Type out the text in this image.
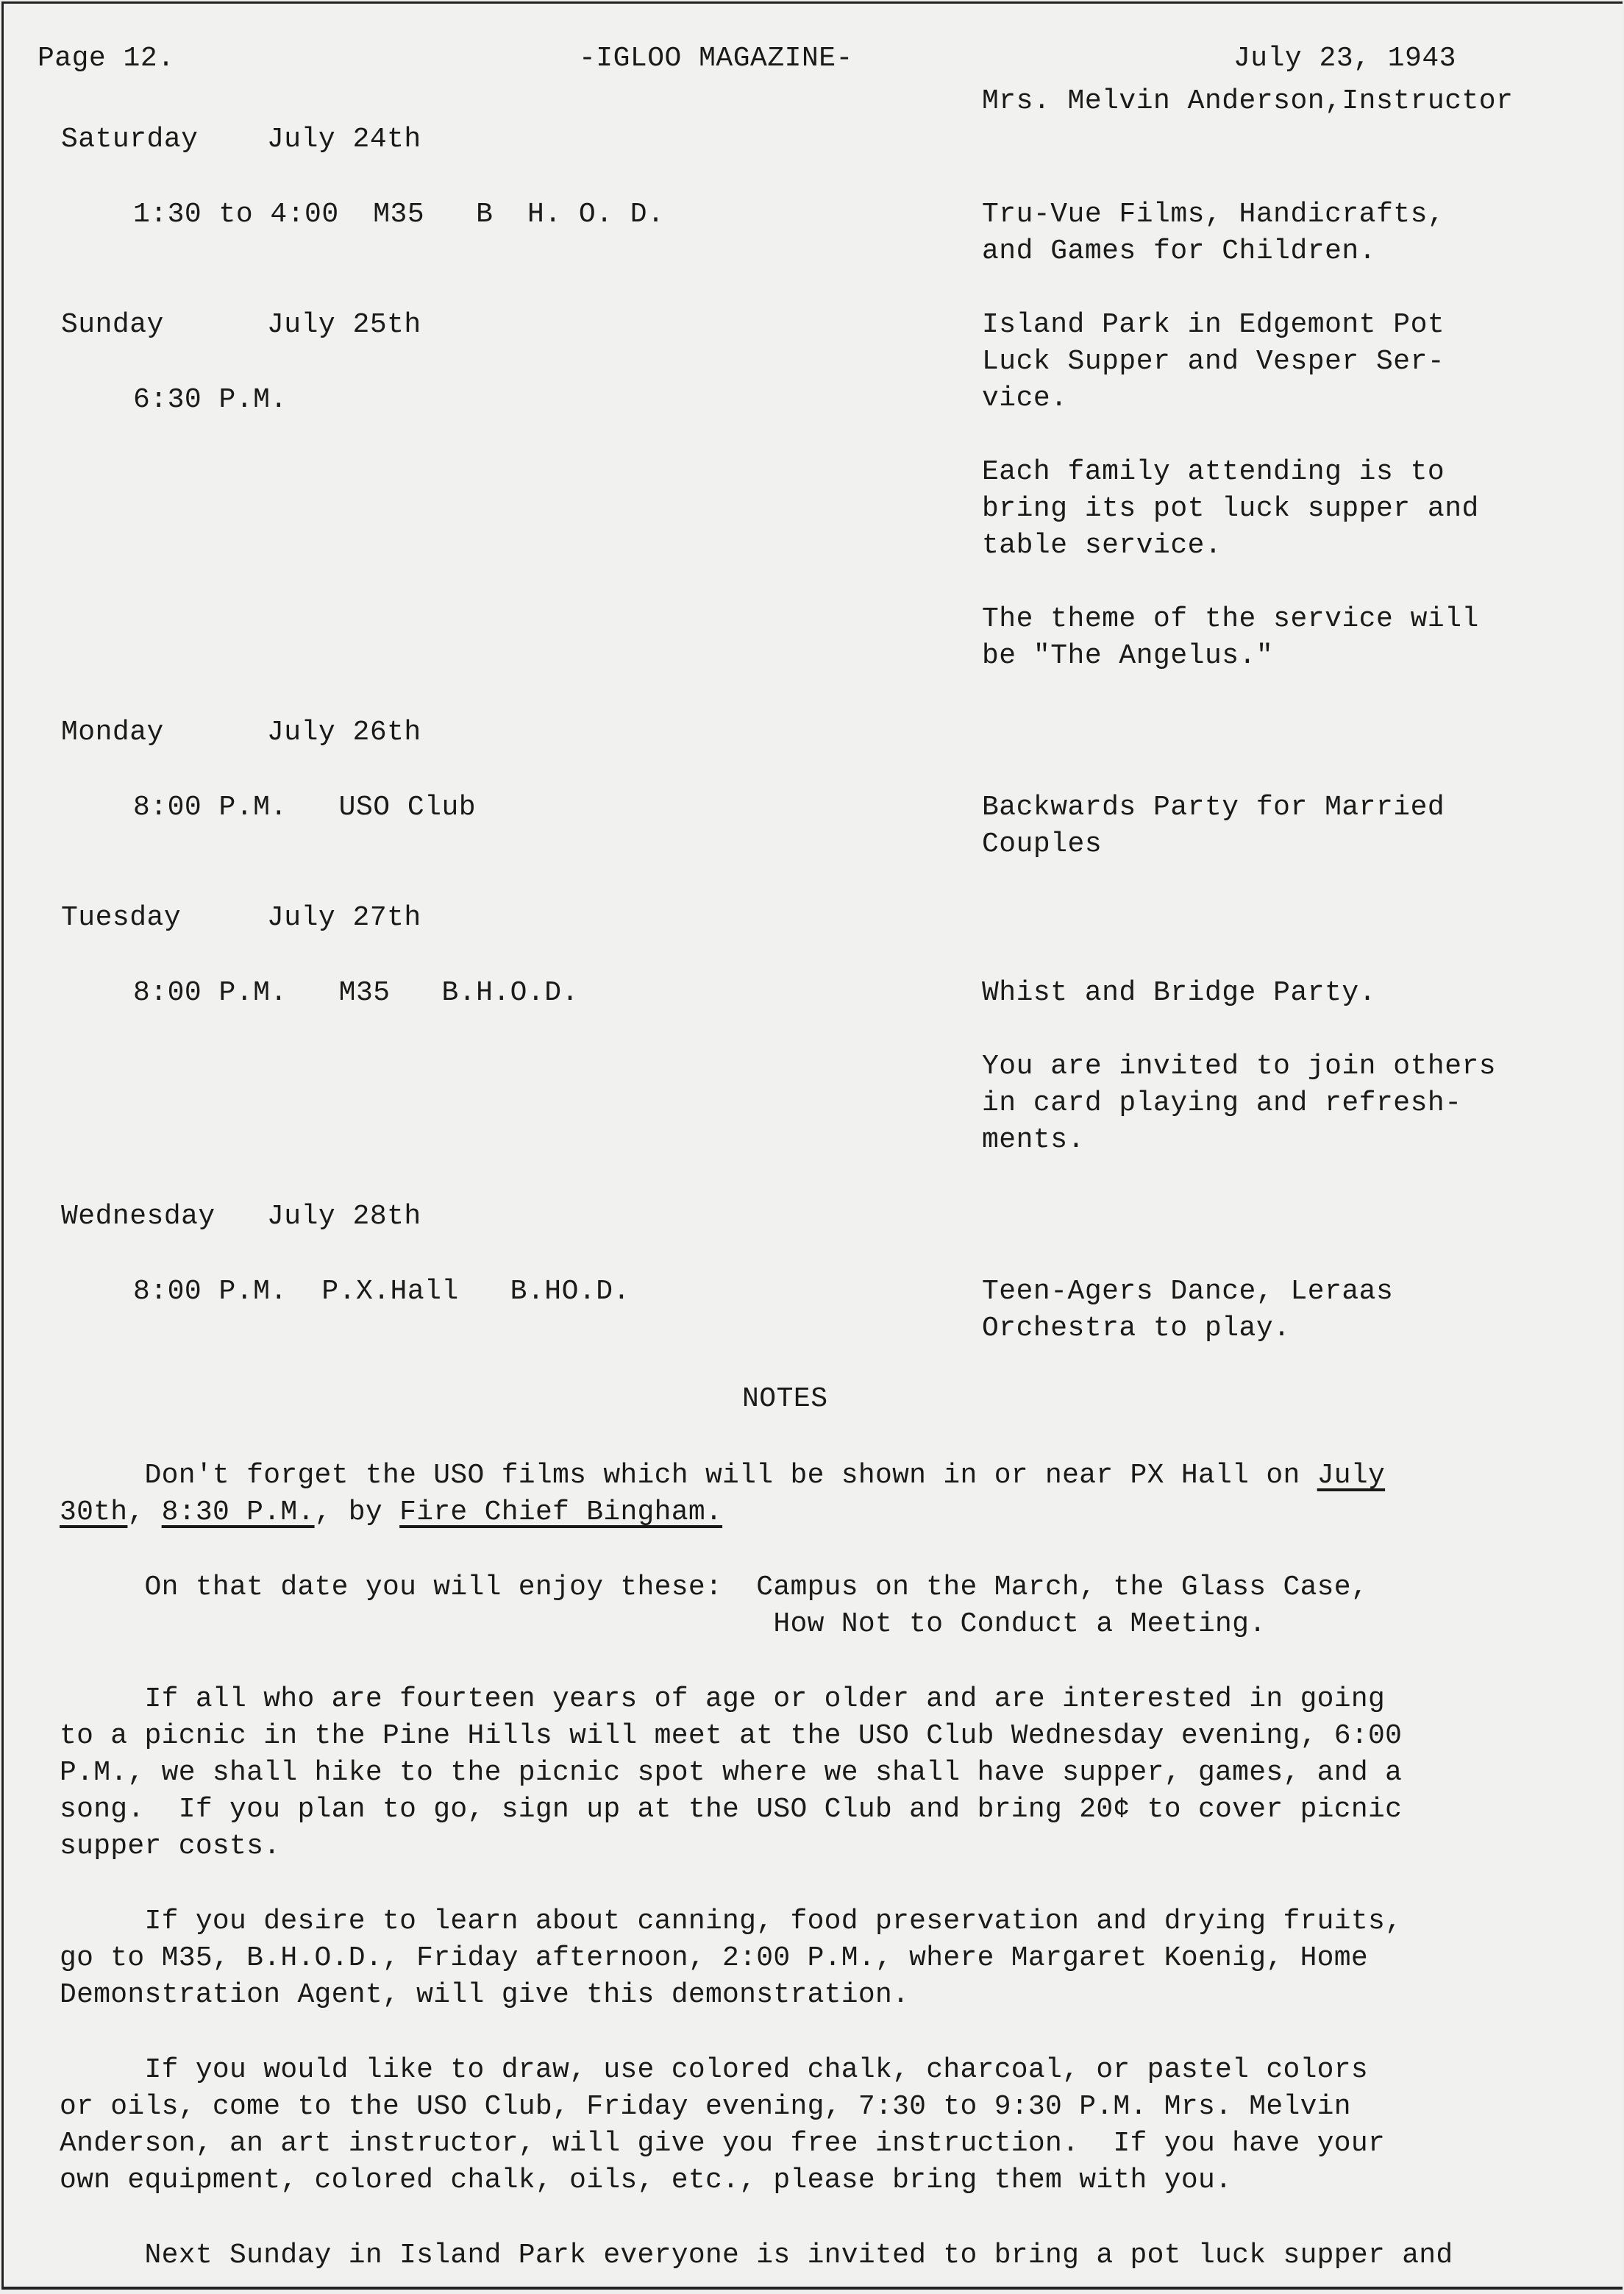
Page 12.	-IGLOO MAGAZINE-	July 23, 1943
Mrs. Melvin Anderson,Instructor
Saturday July 24th
1:30 to 4:00  M35   B  H. O. D.	Tru-Vue Films, Handicrafts,
and Games for Children.
Sunday	July 25th
6:30 P.M.
Island Park in Edgemont Pot
Luck Supper and Vesper Ser-
vice.
Each family attending is to
bring its pot luck supper and
table service.
The theme of the service will
be "The Angelus."
Monday	July 26th
8:00 P.M.   USO Club	Backwards Party for Married
Couples
Tuesday	July 27th
8:00 P.M.   M35   B.H.O.D.	Whist and Bridge Party.
You are invited to join others
in card playing and refresh-
ments.
Wednesday July 28th
8:00 P.M.  P.X.Hall   B.HO.D.	Teen-Agers Dance, Leraas
Orchestra to play.
NOTES
Don't forget the USO films which will be shown in or near PX Hall on July
30th, 8:30 P.M., by Fire Chief Bingham.
On that date you will enjoy these:  Campus on the March, the Glass Case,
How Not to Conduct a Meeting.
If all who are fourteen years of age or older and are interested in going
to a picnic in the Pine Hills will meet at the USO Club Wednesday evening, 6:00
P.M., we shall hike to the picnic spot where we shall have supper, games, and a
song.  If you plan to go, sign up at the USO Club and bring 20¢ to cover picnic
supper costs.
If you desire to learn about canning, food preservation and drying fruits,
go to M35, B.H.O.D., Friday afternoon, 2:00 P.M., where Margaret Koenig, Home
Demonstration Agent, will give this demonstration.
If you would like to draw, use colored chalk, charcoal, or pastel colors
or oils, come to the USO Club, Friday evening, 7:30 to 9:30 P.M. Mrs. Melvin
Anderson, an art instructor, will give you free instruction.  If you have your
own equipment, colored chalk, oils, etc., please bring them with you.
Next Sunday in Island Park everyone is invited to bring a pot luck supper and
